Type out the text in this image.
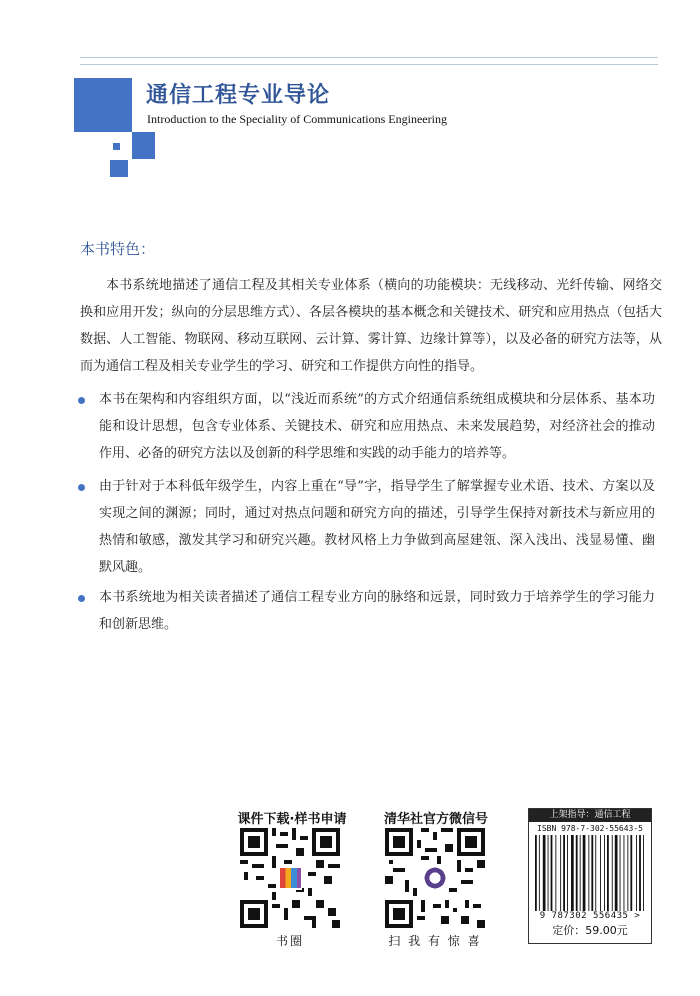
通信工程专业导论
Introduction to the Speciality of Communications Engineering
本书特色：
本书系统地描述了通信工程及其相关专业体系（横向的功能模块：无线移动、光纤传输、网络交换和应用开发；纵向的分层思维方式）、各层各模块的基本概念和关键技术、研究和应用热点（包括大数据、人工智能、物联网、移动互联网、云计算、雾计算、边缘计算等），以及必备的研究方法等，从而为通信工程及相关专业学生的学习、研究和工作提供方向性的指导。
本书在架构和内容组织方面，以“浅近而系统”的方式介绍通信系统组成模块和分层体系、基本功能和设计思想，包含专业体系、关键技术、研究和应用热点、未来发展趋势，对经济社会的推动作用、必备的研究方法以及创新的科学思维和实践的动手能力的培养等。
由于针对于本科低年级学生，内容上重在“导”字，指导学生了解掌握专业术语、技术、方案以及实现之间的渊源；同时，通过对热点问题和研究方向的描述，引导学生保持对新技术与新应用的热情和敏感，激发其学习和研究兴趣。教材风格上力争做到高屋建瓴、深入浅出、浅显易懂、幽默风趣。
本书系统地为相关读者描述了通信工程专业方向的脉络和远景，同时致力于培养学生的学习能力和创新思维。
课件下载·样书申请
书圈
清华社官方微信号
扫 我 有 惊 喜
上架指导：通信工程
ISBN 978-7-302-55643-5
9 787302 556435 >
定价：59.00元
